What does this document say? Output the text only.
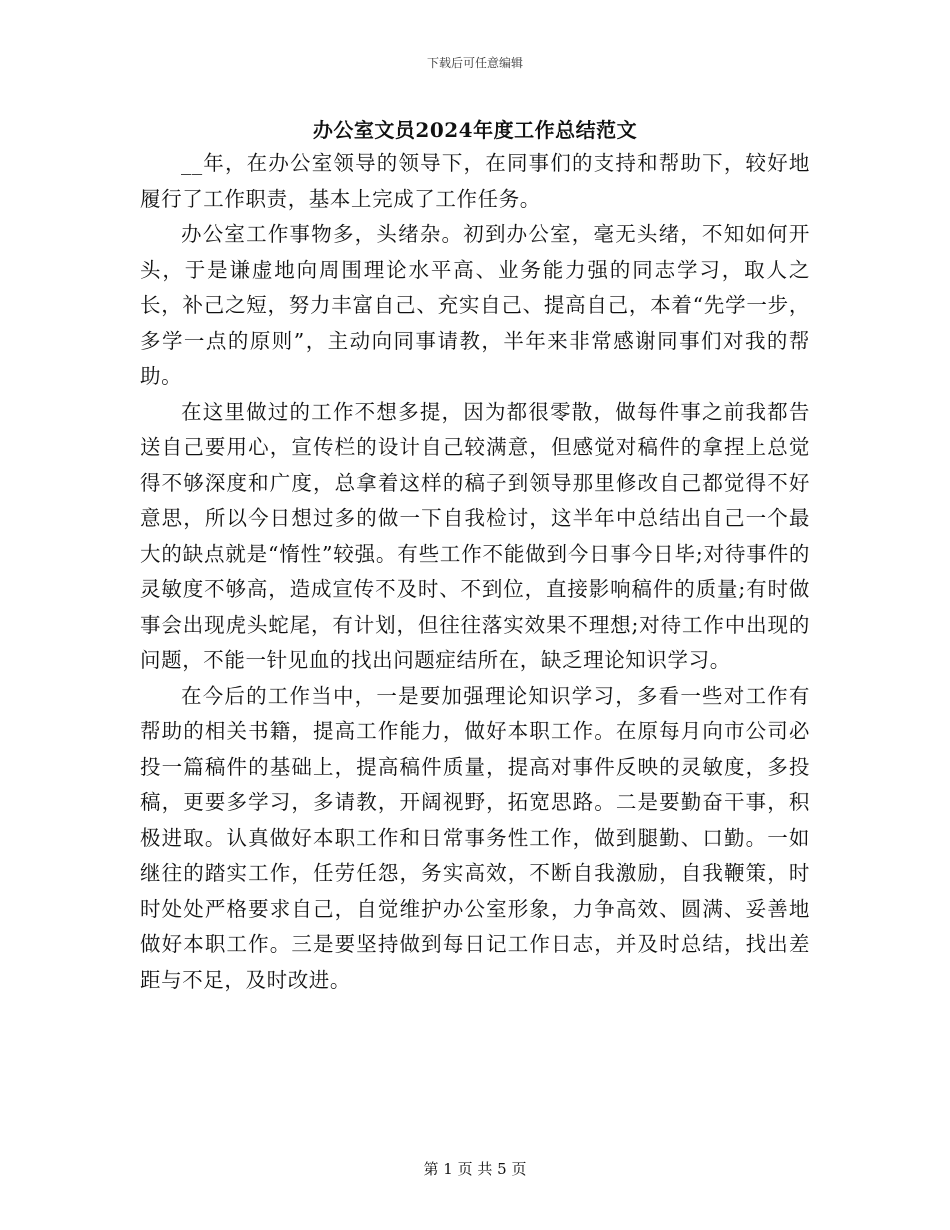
下载后可任意编辑
办公室文员2024年度工作总结范文

__年，在办公室领导的领导下，在同事们的支持和帮助下，较好地履行了工作职责，基本上完成了工作任务。

办公室工作事物多，头绪杂。初到办公室，毫无头绪，不知如何开头，于是谦虚地向周围理论水平高、业务能力强的同志学习，取人之长，补己之短，努力丰富自己、充实自己、提高自己，本着“先学一步，多学一点的原则”，主动向同事请教，半年来非常感谢同事们对我的帮助。

在这里做过的工作不想多提，因为都很零散，做每件事之前我都告送自己要用心，宣传栏的设计自己较满意，但感觉对稿件的拿捏上总觉得不够深度和广度，总拿着这样的稿子到领导那里修改自己都觉得不好意思，所以今日想过多的做一下自我检讨，这半年中总结出自己一个最大的缺点就是“惰性”较强。有些工作不能做到今日事今日毕;对待事件的灵敏度不够高，造成宣传不及时、不到位，直接影响稿件的质量;有时做事会出现虎头蛇尾，有计划，但往往落实效果不理想;对待工作中出现的问题，不能一针见血的找出问题症结所在，缺乏理论知识学习。

在今后的工作当中，一是要加强理论知识学习，多看一些对工作有帮助的相关书籍，提高工作能力，做好本职工作。在原每月向市公司必投一篇稿件的基础上，提高稿件质量，提高对事件反映的灵敏度，多投稿，更要多学习，多请教，开阔视野，拓宽思路。二是要勤奋干事，积极进取。认真做好本职工作和日常事务性工作，做到腿勤、口勤。一如继往的踏实工作，任劳任怨，务实高效，不断自我激励，自我鞭策，时时处处严格要求自己，自觉维护办公室形象，力争高效、圆满、妥善地做好本职工作。三是要坚持做到每日记工作日志，并及时总结，找出差距与不足，及时改进。

第 1 页 共 5 页
